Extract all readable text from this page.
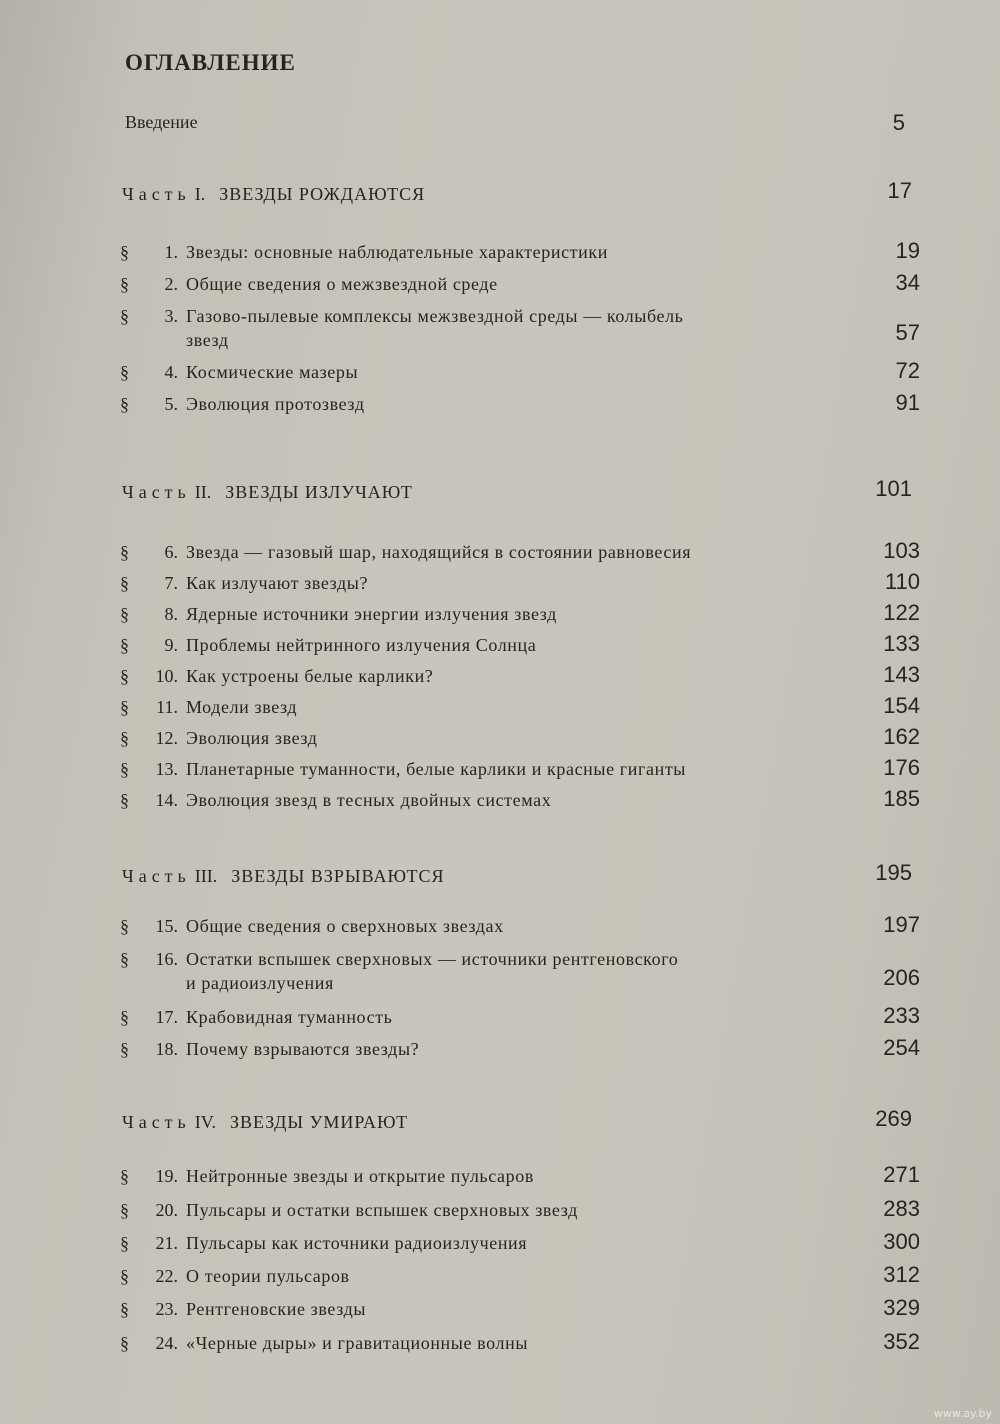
ОГЛАВЛЕНИЕ
Введение	5
Часть I. ЗВЕЗДЫ РОЖДАЮТСЯ	17
§	1. Звезды: основные наблюдательные характеристики	19
§	2. Общие сведения о межзвездной среде	34
§	3. Газово-пылевые комплексы межзвездной среды — колыбель
звезд	57
§	4. Космические мазеры	72
§	5. Эволюция протозвезд	91
Часть II. ЗВЕЗДЫ ИЗЛУЧАЮТ	101
§	6. Звезда — газовый шар, находящийся в состоянии равновесия	103
§	7. Как излучают звезды?	110
§	8. Ядерные источники энергии излучения звезд	122
§	9. Проблемы нейтринного излучения Солнца	133
§	10. Как устроены белые карлики?	143
§	11. Модели звезд	154
§	12. Эволюция звезд	162
§	13. Планетарные туманности, белые карлики и красные гиганты	176
§	14. Эволюция звезд в тесных двойных системах	185
Часть III. ЗВЕЗДЫ ВЗРЫВАЮТСЯ	195
§	15. Общие сведения о сверхновых звездах	197
§	16. Остатки вспышек сверхновых — источники рентгеновского
и радиоизлучения	206
§	17. Крабовидная туманность	233
§	18. Почему взрываются звезды?	254
Часть IV. ЗВЕЗДЫ УМИРАЮТ	269
§	19. Нейтронные звезды и открытие пульсаров	271
§	20. Пульсары и остатки вспышек сверхновых звезд	283
§	21. Пульсары как источники радиоизлучения	300
§	22. О теории пульсаров	312
§	23. Рентгеновские звезды	329
§	24. «Черные дыры» и гравитационные волны	352
www.ay.by
